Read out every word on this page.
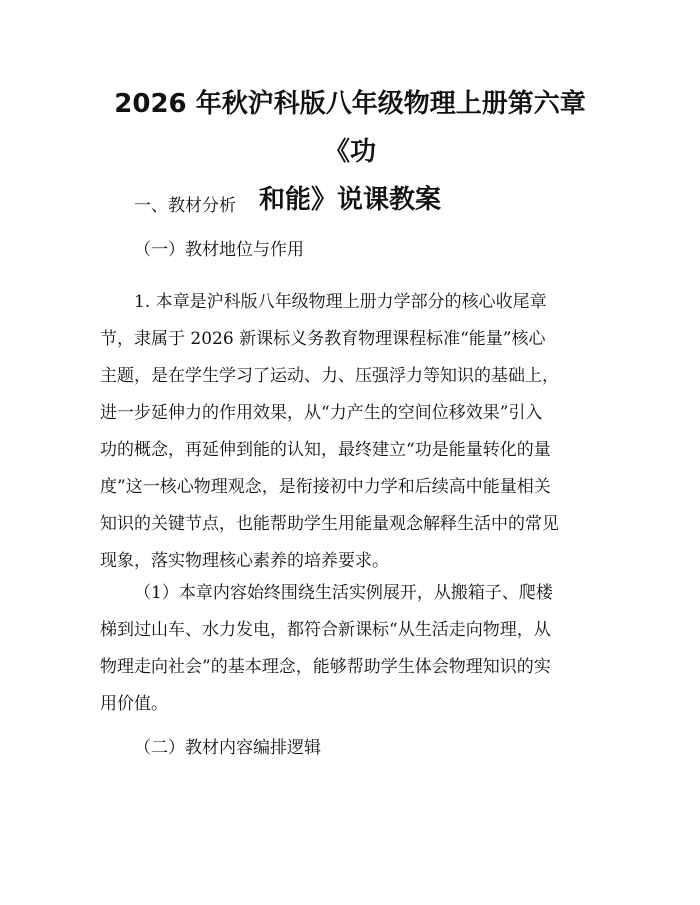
2026 年秋沪科版八年级物理上册第六章《功
和能》说课教案

一、教材分析

（一）教材地位与作用

1. 本章是沪科版八年级物理上册力学部分的核心收尾章
节，隶属于 2026 新课标义务教育物理课程标准“能量”核心
主题，是在学生学习了运动、力、压强浮力等知识的基础上，
进一步延伸力的作用效果，从“力产生的空间位移效果”引入
功的概念，再延伸到能的认知，最终建立“功是能量转化的量
度”这一核心物理观念，是衔接初中力学和后续高中能量相关
知识的关键节点，也能帮助学生用能量观念解释生活中的常见
现象，落实物理核心素养的培养要求。

（1）本章内容始终围绕生活实例展开，从搬箱子、爬楼
梯到过山车、水力发电，都符合新课标“从生活走向物理，从
物理走向社会”的基本理念，能够帮助学生体会物理知识的实
用价值。

（二）教材内容编排逻辑
